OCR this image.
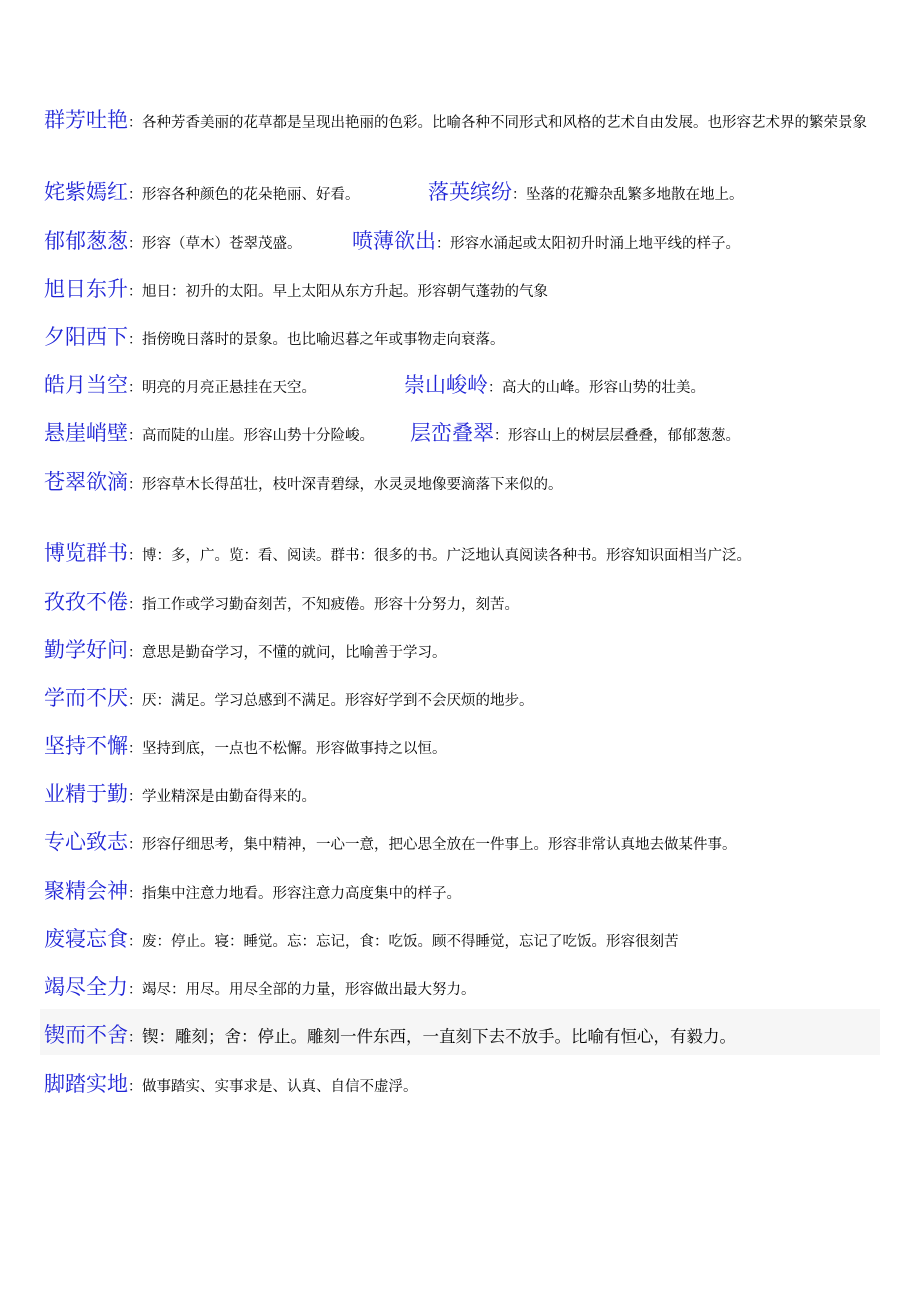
群芳吐艳：各种芳香美丽的花草都是呈现出艳丽的色彩。比喻各种不同形式和风格的艺术自由发展。也形容艺术界的繁荣景象
姹紫嫣红：形容各种颜色的花朵艳丽、好看。	落英缤纷：坠落的花瓣杂乱繁多地散在地上。
郁郁葱葱：形容（草木）苍翠茂盛。 喷薄欲出：形容水涌起或太阳初升时涌上地平线的样子。
旭日东升：旭日：初升的太阳。早上太阳从东方升起。形容朝气蓬勃的气象
夕阳西下：指傍晚日落时的景象。也比喻迟暮之年或事物走向衰落。
皓月当空：明亮的月亮正悬挂在天空。	崇山峻岭：高大的山峰。形容山势的壮美。
悬崖峭壁：高而陡的山崖。形容山势十分险峻。 层峦叠翠：形容山上的树层层叠叠，郁郁葱葱。
苍翠欲滴：形容草木长得茁壮，枝叶深青碧绿，水灵灵地像要滴落下来似的。
博览群书：博：多，广。览：看、阅读。群书：很多的书。广泛地认真阅读各种书。形容知识面相当广泛。
孜孜不倦：指工作或学习勤奋刻苦，不知疲倦。形容十分努力，刻苦。
勤学好问：意思是勤奋学习，不懂的就问，比喻善于学习。
学而不厌：厌：满足。学习总感到不满足。形容好学到不会厌烦的地步。
坚持不懈：坚持到底，一点也不松懈。形容做事持之以恒。
业精于勤：学业精深是由勤奋得来的。
专心致志：形容仔细思考，集中精神，一心一意，把心思全放在一件事上。形容非常认真地去做某件事。
聚精会神：指集中注意力地看。形容注意力高度集中的样子。
废寝忘食：废：停止。寝：睡觉。忘：忘记，食：吃饭。顾不得睡觉，忘记了吃饭。形容很刻苦
竭尽全力：竭尽：用尽。用尽全部的力量，形容做出最大努力。
锲而不舍：锲：雕刻；舍：停止。雕刻一件东西，一直刻下去不放手。比喻有恒心，有毅力。
脚踏实地：做事踏实、实事求是、认真、自信不虚浮。
